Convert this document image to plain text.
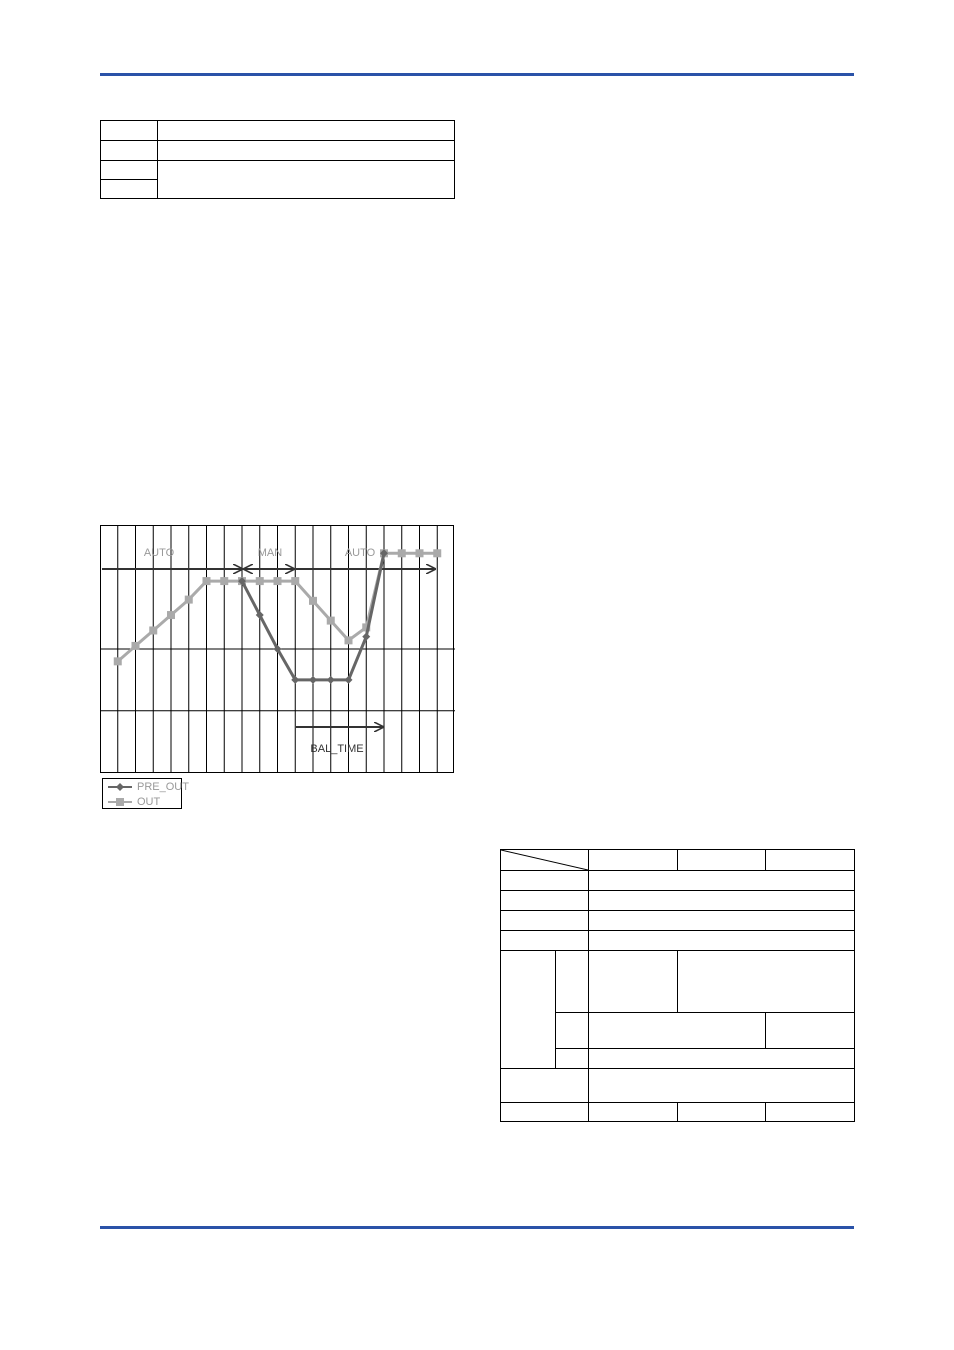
AUTO	MAN	AUTO
BAL_TIME
PRE_OUT
OUT
